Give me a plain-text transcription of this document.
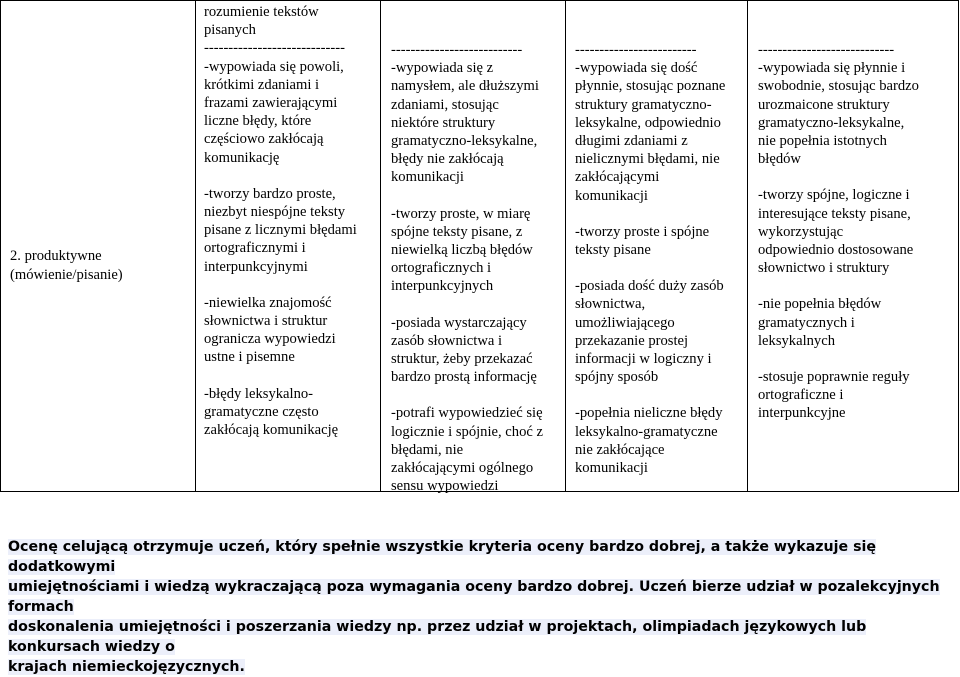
2. produktywne
(mówienie/pisanie)

rozumienie tekstów
pisanych

-----------------------------

-wypowiada się powoli,
krótkimi zdaniami i
frazami zawierającymi
liczne błędy, które
częściowo zakłócają
komunikację

-tworzy bardzo proste,
niezbyt niespójne teksty
pisane z licznymi błędami
ortograficznymi i
interpunkcyjnymi

-niewielka znajomość
słownictwa i struktur
ogranicza wypowiedzi
ustne i pisemne

-błędy leksykalno-
gramatyczne często
zakłócają komunikację

---------------------------

-wypowiada się z
namysłem, ale dłuższymi
zdaniami, stosując
niektóre struktury
gramatyczno-leksykalne,
błędy nie zakłócają
komunikacji

-tworzy proste, w miarę
spójne teksty pisane, z
niewielką liczbą błędów
ortograficznych i
interpunkcyjnych

-posiada wystarczający
zasób słownictwa i
struktur, żeby przekazać
bardzo prostą informację

-potrafi wypowiedzieć się
logicznie i spójnie, choć z
błędami, nie
zakłócającymi ogólnego
sensu wypowiedzi

-------------------------

-wypowiada się dość
płynnie, stosując poznane
struktury gramatyczno-
leksykalne, odpowiednio
długimi zdaniami z
nielicznymi błędami, nie
zakłócającymi
komunikacji

-tworzy proste i spójne
teksty pisane

-posiada dość duży zasób
słownictwa,
umożliwiającego
przekazanie prostej
informacji w logiczny i
spójny sposób

-popełnia nieliczne błędy
leksykalno-gramatyczne
nie zakłócające
komunikacji

----------------------------

-wypowiada się płynnie i
swobodnie, stosując bardzo
urozmaicone struktury
gramatyczno-leksykalne,
nie popełnia istotnych
błędów

-tworzy spójne, logiczne i
interesujące teksty pisane,
wykorzystując
odpowiednio dostosowane
słownictwo i struktury

-nie popełnia błędów
gramatycznych i
leksykalnych

-stosuje poprawnie reguły
ortograficzne i
interpunkcyjne

Ocenę celującą otrzymuje uczeń, który spełnie wszystkie kryteria oceny bardzo dobrej, a także wykazuje się dodatkowymi
umiejętnościami i wiedzą wykraczającą poza wymagania oceny bardzo dobrej. Uczeń bierze udział w pozalekcyjnych formach
doskonalenia umiejętności i poszerzania wiedzy np. przez udział w projektach, olimpiadach językowych lub konkursach wiedzy o
krajach niemieckojęzycznych.
